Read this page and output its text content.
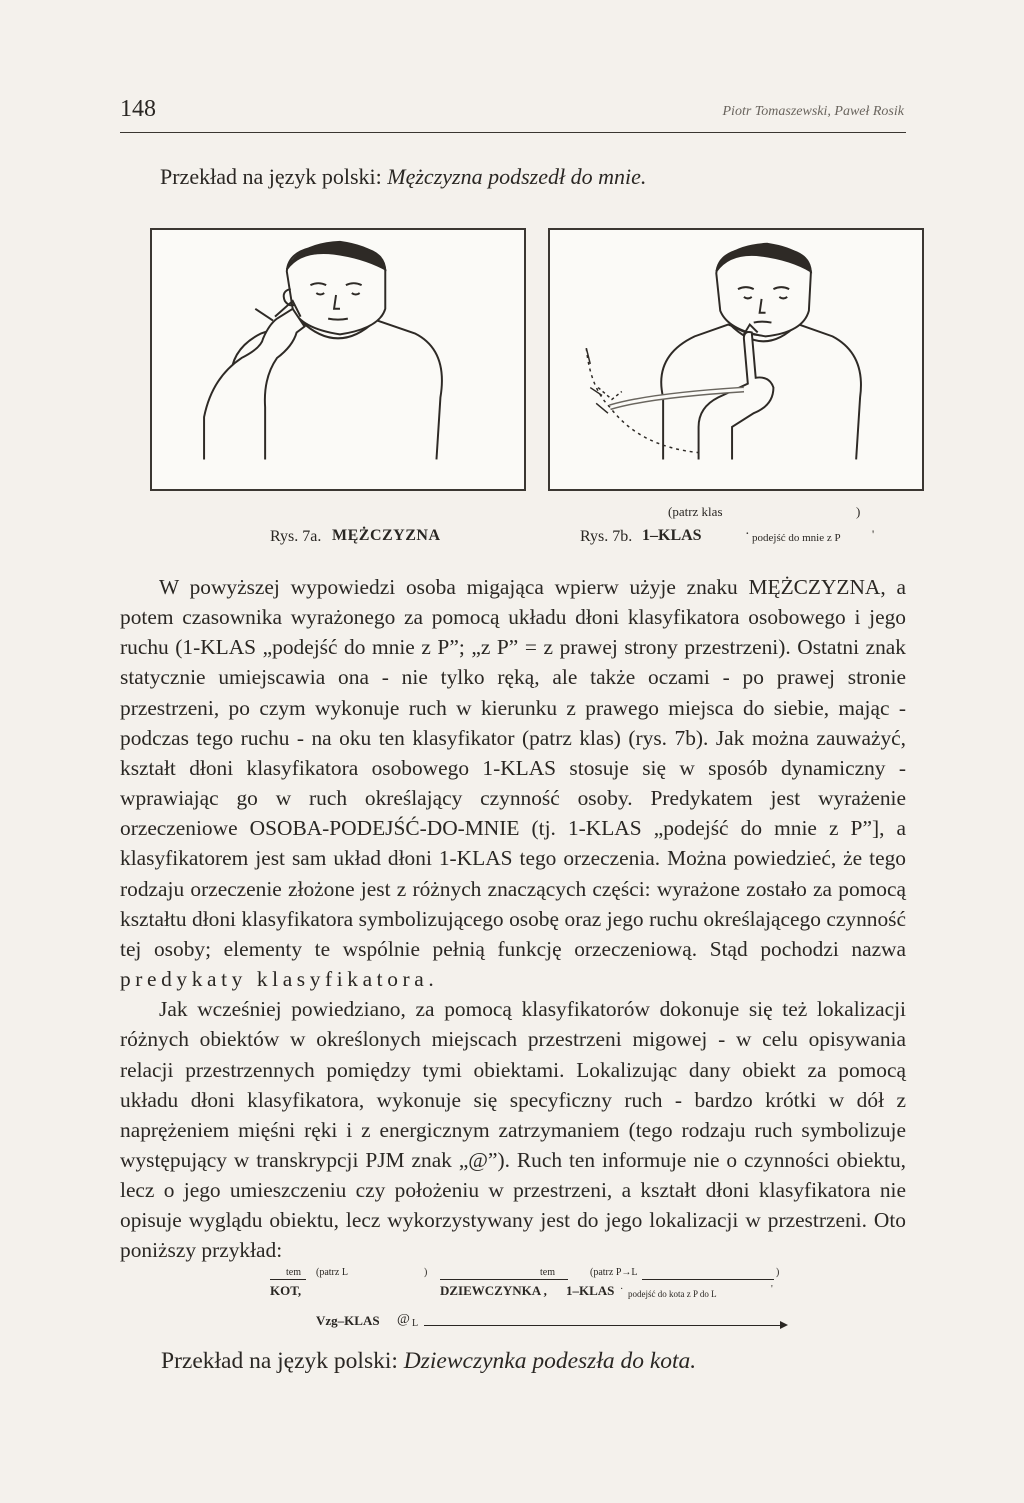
148	Piotr Tomaszewski, Paweł Rosik
Przekład na język polski: Mężczyzna podszedł do mnie.
Rys. 7a. MĘŻCZYZNA
(patrz klas	)
Rys. 7b. 1–KLAS	· podejść do mnie z P	'

W powyższej wypowiedzi osoba migająca wpierw użyje znaku MĘŻCZYZNA, a potem czasownika wyrażonego za pomocą układu dłoni klasyfikatora osobowego i jego ruchu (1-KLAS „podejść do mnie z P”; „z P” = z prawej strony przestrzeni). Ostatni znak statycznie umiejscawia ona - nie tylko ręką, ale także oczami - po prawej stronie przestrzeni, po czym wykonuje ruch w kierunku z prawego miejsca do siebie, mając - podczas tego ruchu - na oku ten klasyfikator (patrz klas) (rys. 7b). Jak można zauważyć, kształt dłoni klasyfikatora osobowego 1-KLAS stosuje się w sposób dynamiczny - wprawiając go w ruch określający czynność osoby. Predykatem jest wyrażenie orzeczeniowe OSOBA-PODEJŚĆ-DO-MNIE (tj. 1-KLAS „podejść do mnie z P”], a klasyfikatorem jest sam układ dłoni 1-KLAS tego orzeczenia. Można powiedzieć, że tego rodzaju orzeczenie złożone jest z różnych znaczących części: wyrażone zostało za pomocą kształtu dłoni klasyfikatora symbolizującego osobę oraz jego ruchu określającego czynność tej osoby; elementy te wspólnie pełnią funkcję orzeczeniową. Stąd pochodzi nazwa predykaty klasyfikatora.

Jak wcześniej powiedziano, za pomocą klasyfikatorów dokonuje się też lokalizacji różnych obiektów w określonych miejscach przestrzeni migowej - w celu opisywania relacji przestrzennych pomiędzy tymi obiektami. Lokalizując dany obiekt za pomocą układu dłoni klasyfikatora, wykonuje się specyficzny ruch - bardzo krótki w dół z naprężeniem mięśni ręki i z energicznym zatrzymaniem (tego rodzaju ruch symbolizuje występujący w transkrypcji PJM znak „@”). Ruch ten informuje nie o czynności obiektu, lecz o jego umieszczeniu czy położeniu w przestrzeni, a kształt dłoni klasyfikatora nie opisuje wyglądu obiektu, lecz wykorzystywany jest do jego lokalizacji w przestrzeni. Oto poniższy przykład:

tem (patrz L	)	tem	(patrz P→L	)
KOT,	DZIEWCZYNKA , 1–KLAS · podejść do kota z P do L	'
Vzg–KLAS @ L
Przekład na język polski: Dziewczynka podeszła do kota.
